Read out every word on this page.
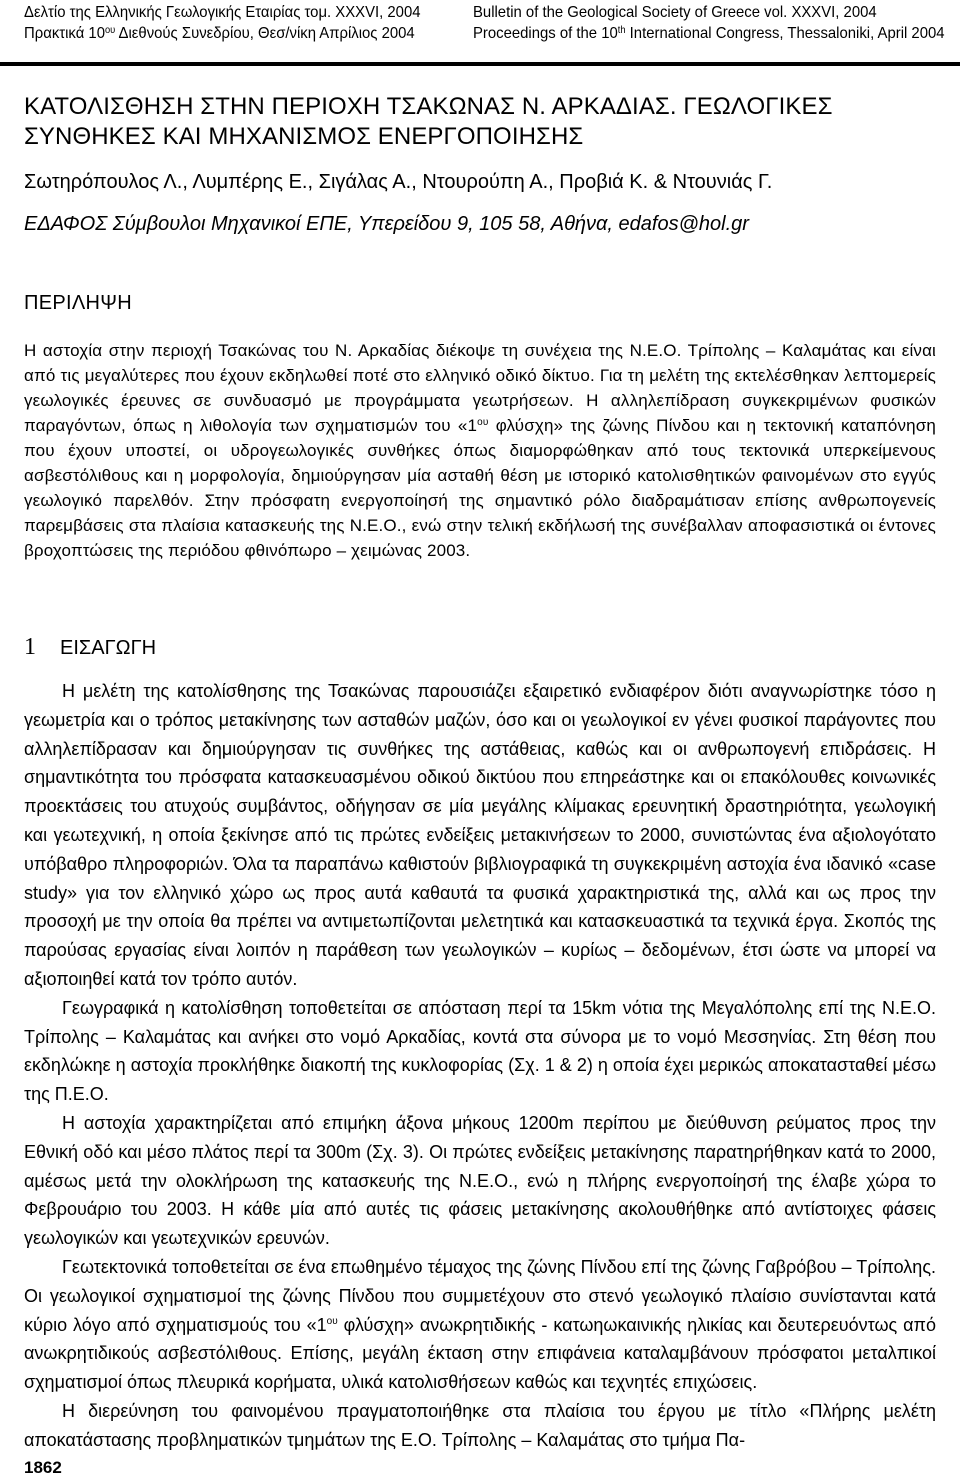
Δελτίο της Ελληνικής Γεωλογικής Εταιρίας τομ. XXXVI, 2004
Πρακτικά $10^{o\upsilon}$ Διεθνούς Συνεδρίου, Θεσ/νίκη Απρίλιος 2004
Bulletin of the Geological Society of Greece vol. XXXVI, 2004
Proceedings of the 10th International Congress, Thessaloniki, April 2004
ΚΑΤΟΛΙΣΘΗΣΗ ΣΤΗΝ ΠΕΡΙΟΧΗ ΤΣΑΚΩΝΑΣ Ν. ΑΡΚΑΔΙΑΣ. ΓΕΩΛΟΓΙΚΕΣ
ΣΥΝΘΗΚΕΣ ΚΑΙ ΜΗΧΑΝΙΣΜΟΣ ΕΝΕΡΓΟΠΟΙΗΣΗΣ
Σωτηρόπουλος Λ., Λυμπέρης Ε., Σιγάλας Α., Ντουρούπη Α., Προβιά Κ. & Ντουνιάς Γ.
ΕΔΑΦΟΣ Σύμβουλοι Μηχανικοί ΕΠΕ, Υπερείδου 9, 105 58, Αθήνα, edafos@hol.gr
ΠΕΡΙΛΗΨΗ

Η αστοχία στην περιοχή Τσακώνας του Ν. Αρκαδίας διέκοψε τη συνέχεια της Ν.Ε.Ο. Τρίπολης – Καλαμάτας και είναι από τις μεγαλύτερες που έχουν εκδηλωθεί ποτέ στο ελληνικό οδικό δίκτυο. Για τη μελέτη της εκτελέσθηκαν λεπτομερείς γεωλογικές έρευνες σε συνδυασμό με προγράμματα γεωτρήσεων. Η αλληλεπίδραση συγκεκριμένων φυσικών παραγόντων, όπως η λιθολογία των σχηματισμών του «$1^{o\upsilon}$ φλύσχη» της ζώνης Πίνδου και η τεκτονική καταπόνηση που έχουν υποστεί, οι υδρογεωλογικές συνθήκες όπως διαμορφώθηκαν από τους τεκτονικά υπερκείμενους ασβεστόλιθους και η μορφολογία, δημιούργησαν μία ασταθή θέση με ιστορικό κατολισθητικών φαινομένων στο εγγύς γεωλογικό παρελθόν. Στην πρόσφατη ενεργοποίησή της σημαντικό ρόλο διαδραμάτισαν επίσης ανθρωπογενείς παρεμβάσεις στα πλαίσια κατασκευής της Ν.Ε.Ο., ενώ στην τελική εκδήλωσή της συνέβαλλαν αποφασιστικά οι έντονες βροχοπτώσεις της περιόδου φθινόπωρο – χειμώνας 2003.

1 ΕΙΣΑΓΩΓΗ

Η μελέτη της κατολίσθησης της Τσακώνας παρουσιάζει εξαιρετικό ενδιαφέρον διότι αναγνωρίστηκε τόσο η γεωμετρία και ο τρόπος μετακίνησης των ασταθών μαζών, όσο και οι γεωλογικοί εν γένει φυσικοί παράγοντες που αλληλεπίδρασαν και δημιούργησαν τις συνθήκες της αστάθειας, καθώς και οι ανθρωπογενή επιδράσεις. Η σημαντικότητα του πρόσφατα κατασκευασμένου οδικού δικτύου που επηρεάστηκε και οι επακόλουθες κοινωνικές προεκτάσεις του ατυχούς συμβάντος, οδήγησαν σε μία μεγάλης κλίμακας ερευνητική δραστηριότητα, γεωλογική και γεωτεχνική, η οποία ξεκίνησε από τις πρώτες ενδείξεις μετακινήσεων το 2000, συνιστώντας ένα αξιολογότατο υπόβαθρο πληροφοριών. Όλα τα παραπάνω καθιστούν βιβλιογραφικά τη συγκεκριμένη αστοχία ένα ιδανικό «case study» για τον ελληνικό χώρο ως προς αυτά καθαυτά τα φυσικά χαρακτηριστικά της, αλλά και ως προς την προσοχή με την οποία θα πρέπει να αντιμετωπίζονται μελετητικά και κατασκευαστικά τα τεχνικά έργα. Σκοπός της παρούσας εργασίας είναι λοιπόν η παράθεση των γεωλογικών – κυρίως – δεδομένων, έτσι ώστε να μπορεί να αξιοποιηθεί κατά τον τρόπο αυτόν.

Γεωγραφικά η κατολίσθηση τοποθετείται σε απόσταση περί τα 15km νότια της Μεγαλόπολης επί της Ν.Ε.Ο. Τρίπολης – Καλαμάτας και ανήκει στο νομό Αρκαδίας, κοντά στα σύνορα με το νομό Μεσσηνίας. Στη θέση που εκδηλώκηε η αστοχία προκλήθηκε διακοπή της κυκλοφορίας (Σχ. 1 & 2) η οποία έχει μερικώς αποκατασταθεί μέσω της Π.Ε.Ο.

Η αστοχία χαρακτηρίζεται από επιμήκη άξονα μήκους 1200m περίπου με διεύθυνση ρεύματος προς την Εθνική οδό και μέσο πλάτος περί τα 300m (Σχ. 3). Οι πρώτες ενδείξεις μετακίνησης παρατηρήθηκαν κατά το 2000, αμέσως μετά την ολοκλήρωση της κατασκευής της Ν.Ε.Ο., ενώ η πλήρης ενεργοποίησή της έλαβε χώρα το Φεβρουάριο του 2003. Η κάθε μία από αυτές τις φάσεις μετακίνησης ακολουθήθηκε από αντίστοιχες φάσεις γεωλογικών και γεωτεχνικών ερευνών.

Γεωτεκτονικά τοποθετείται σε ένα επωθημένο τέμαχος της ζώνης Πίνδου επί της ζώνης Γαβρόβου – Τρίπολης. Οι γεωλογικοί σχηματισμοί της ζώνης Πίνδου που συμμετέχουν στο στενό γεωλογικό πλαίσιο συνίστανται κατά κύριο λόγο από σχηματισμούς του «$1^{o\upsilon}$ φλύσχη» ανωκρητιδικής - κατωηωκαινικής ηλικίας και δευτερευόντως από ανωκρητιδικούς ασβεστόλιθους. Επίσης, μεγάλη έκταση στην επιφάνεια καταλαμβάνουν πρόσφατοι μεταλπικοί σχηματισμοί όπως πλευρικά κορήματα, υλικά κατολισθήσεων καθώς και τεχνητές επιχώσεις.

Η διερεύνηση του φαινομένου πραγματοποιήθηκε στα πλαίσια του έργου με τίτλο «Πλήρης μελέτη αποκατάστασης προβληματικών τμημάτων της Ε.Ο. Τρίπολης – Καλαμάτας στο τμήμα Πα-

1862
